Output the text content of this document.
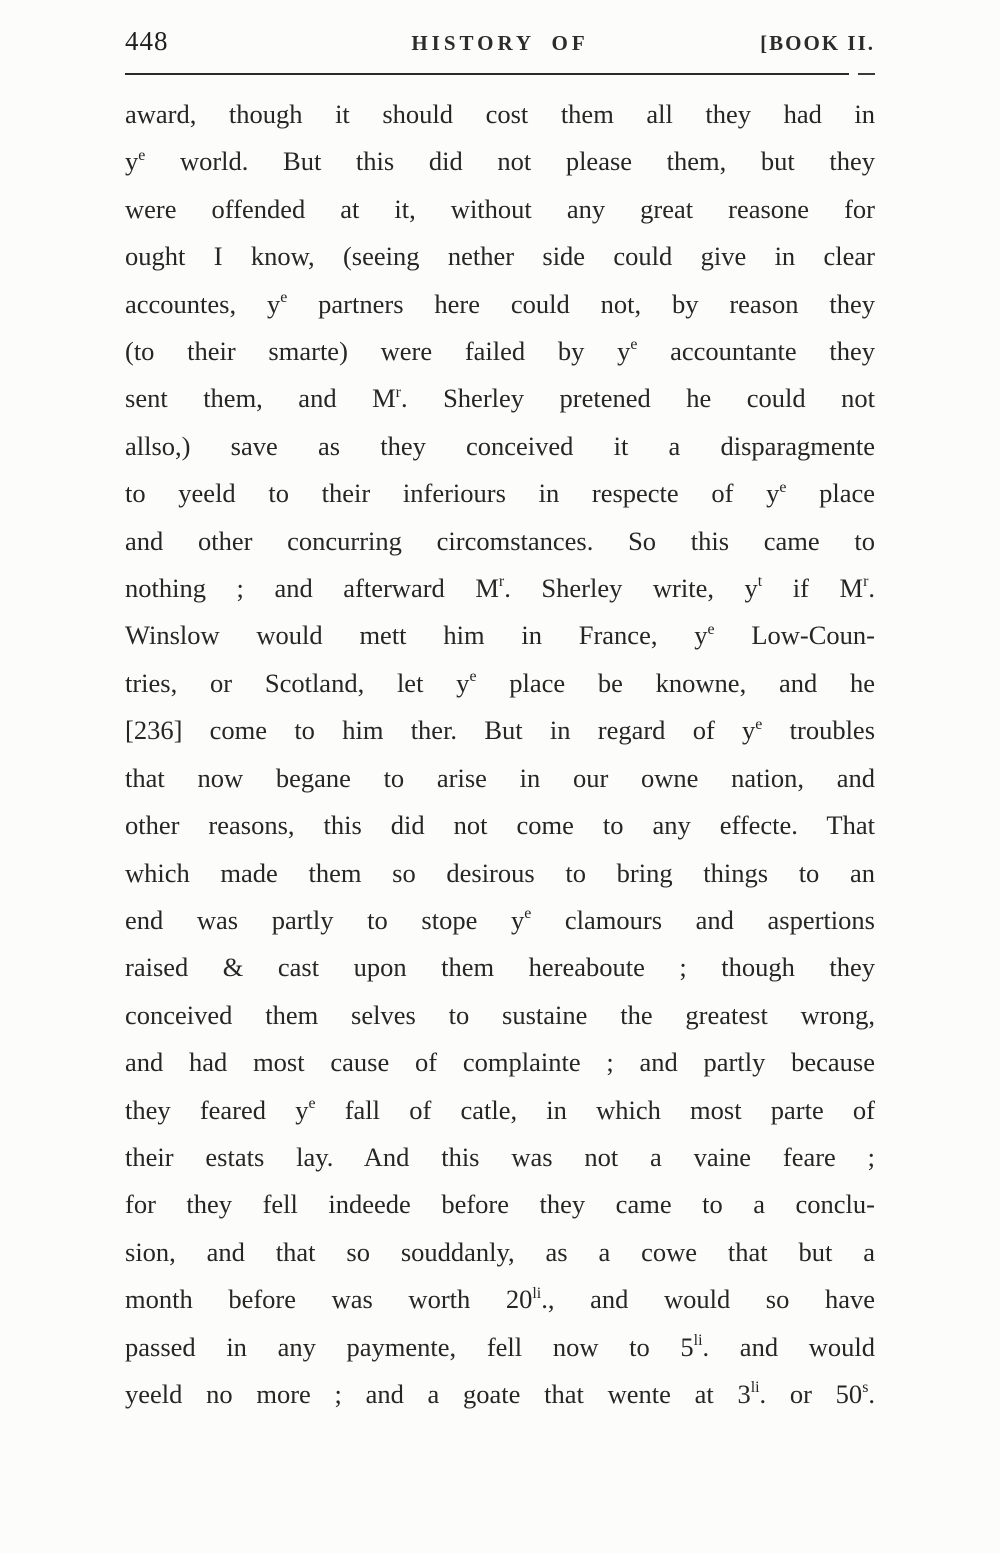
448	HISTORY OF	[BOOK II.
award, though it should cost them all they had in
$y^e$ world. But this did not please them, but they
were offended at it, without any great reasone for
ought I know, (seeing nether side could give in clear
accountes, $y^e$ partners here could not, by reason they
(to their smarte) were failed by $y^e$ accountante they
sent them, and $M^r$. Sherley pretened he could not
allso,) save as they conceived it a disparagmente
to yeeld to their inferiours in respecte of $y^e$ place
and other concurring circomstances. So this came to
nothing ; and afterward $M^r$. Sherley write, $y^t$ if $M^r$.
Winslow would mett him in France, $y^e$ Low-Coun-
tries, or Scotland, let $y^e$ place be knowne, and he
[236] come to him ther. But in regard of $y^e$ troubles
that now begane to arise in our owne nation, and
other reasons, this did not come to any effecte. That
which made them so desirous to bring things to an
end was partly to stope $y^e$ clamours and aspertions
raised & cast upon them hereaboute ; though they
conceived them selves to sustaine the greatest wrong,
and had most cause of complainte ; and partly because
they feared $y^e$ fall of catle, in which most parte of
their estats lay. And this was not a vaine feare ;
for they fell indeede before they came to a conclu-
sion, and that so souddanly, as a cowe that but a
month before was worth $20^{li}$., and would so have
passed in any paymente, fell now to $5^{li}$. and would
yeeld no more ; and a goate that wente at $3^{li}$. or 50$^s$.
